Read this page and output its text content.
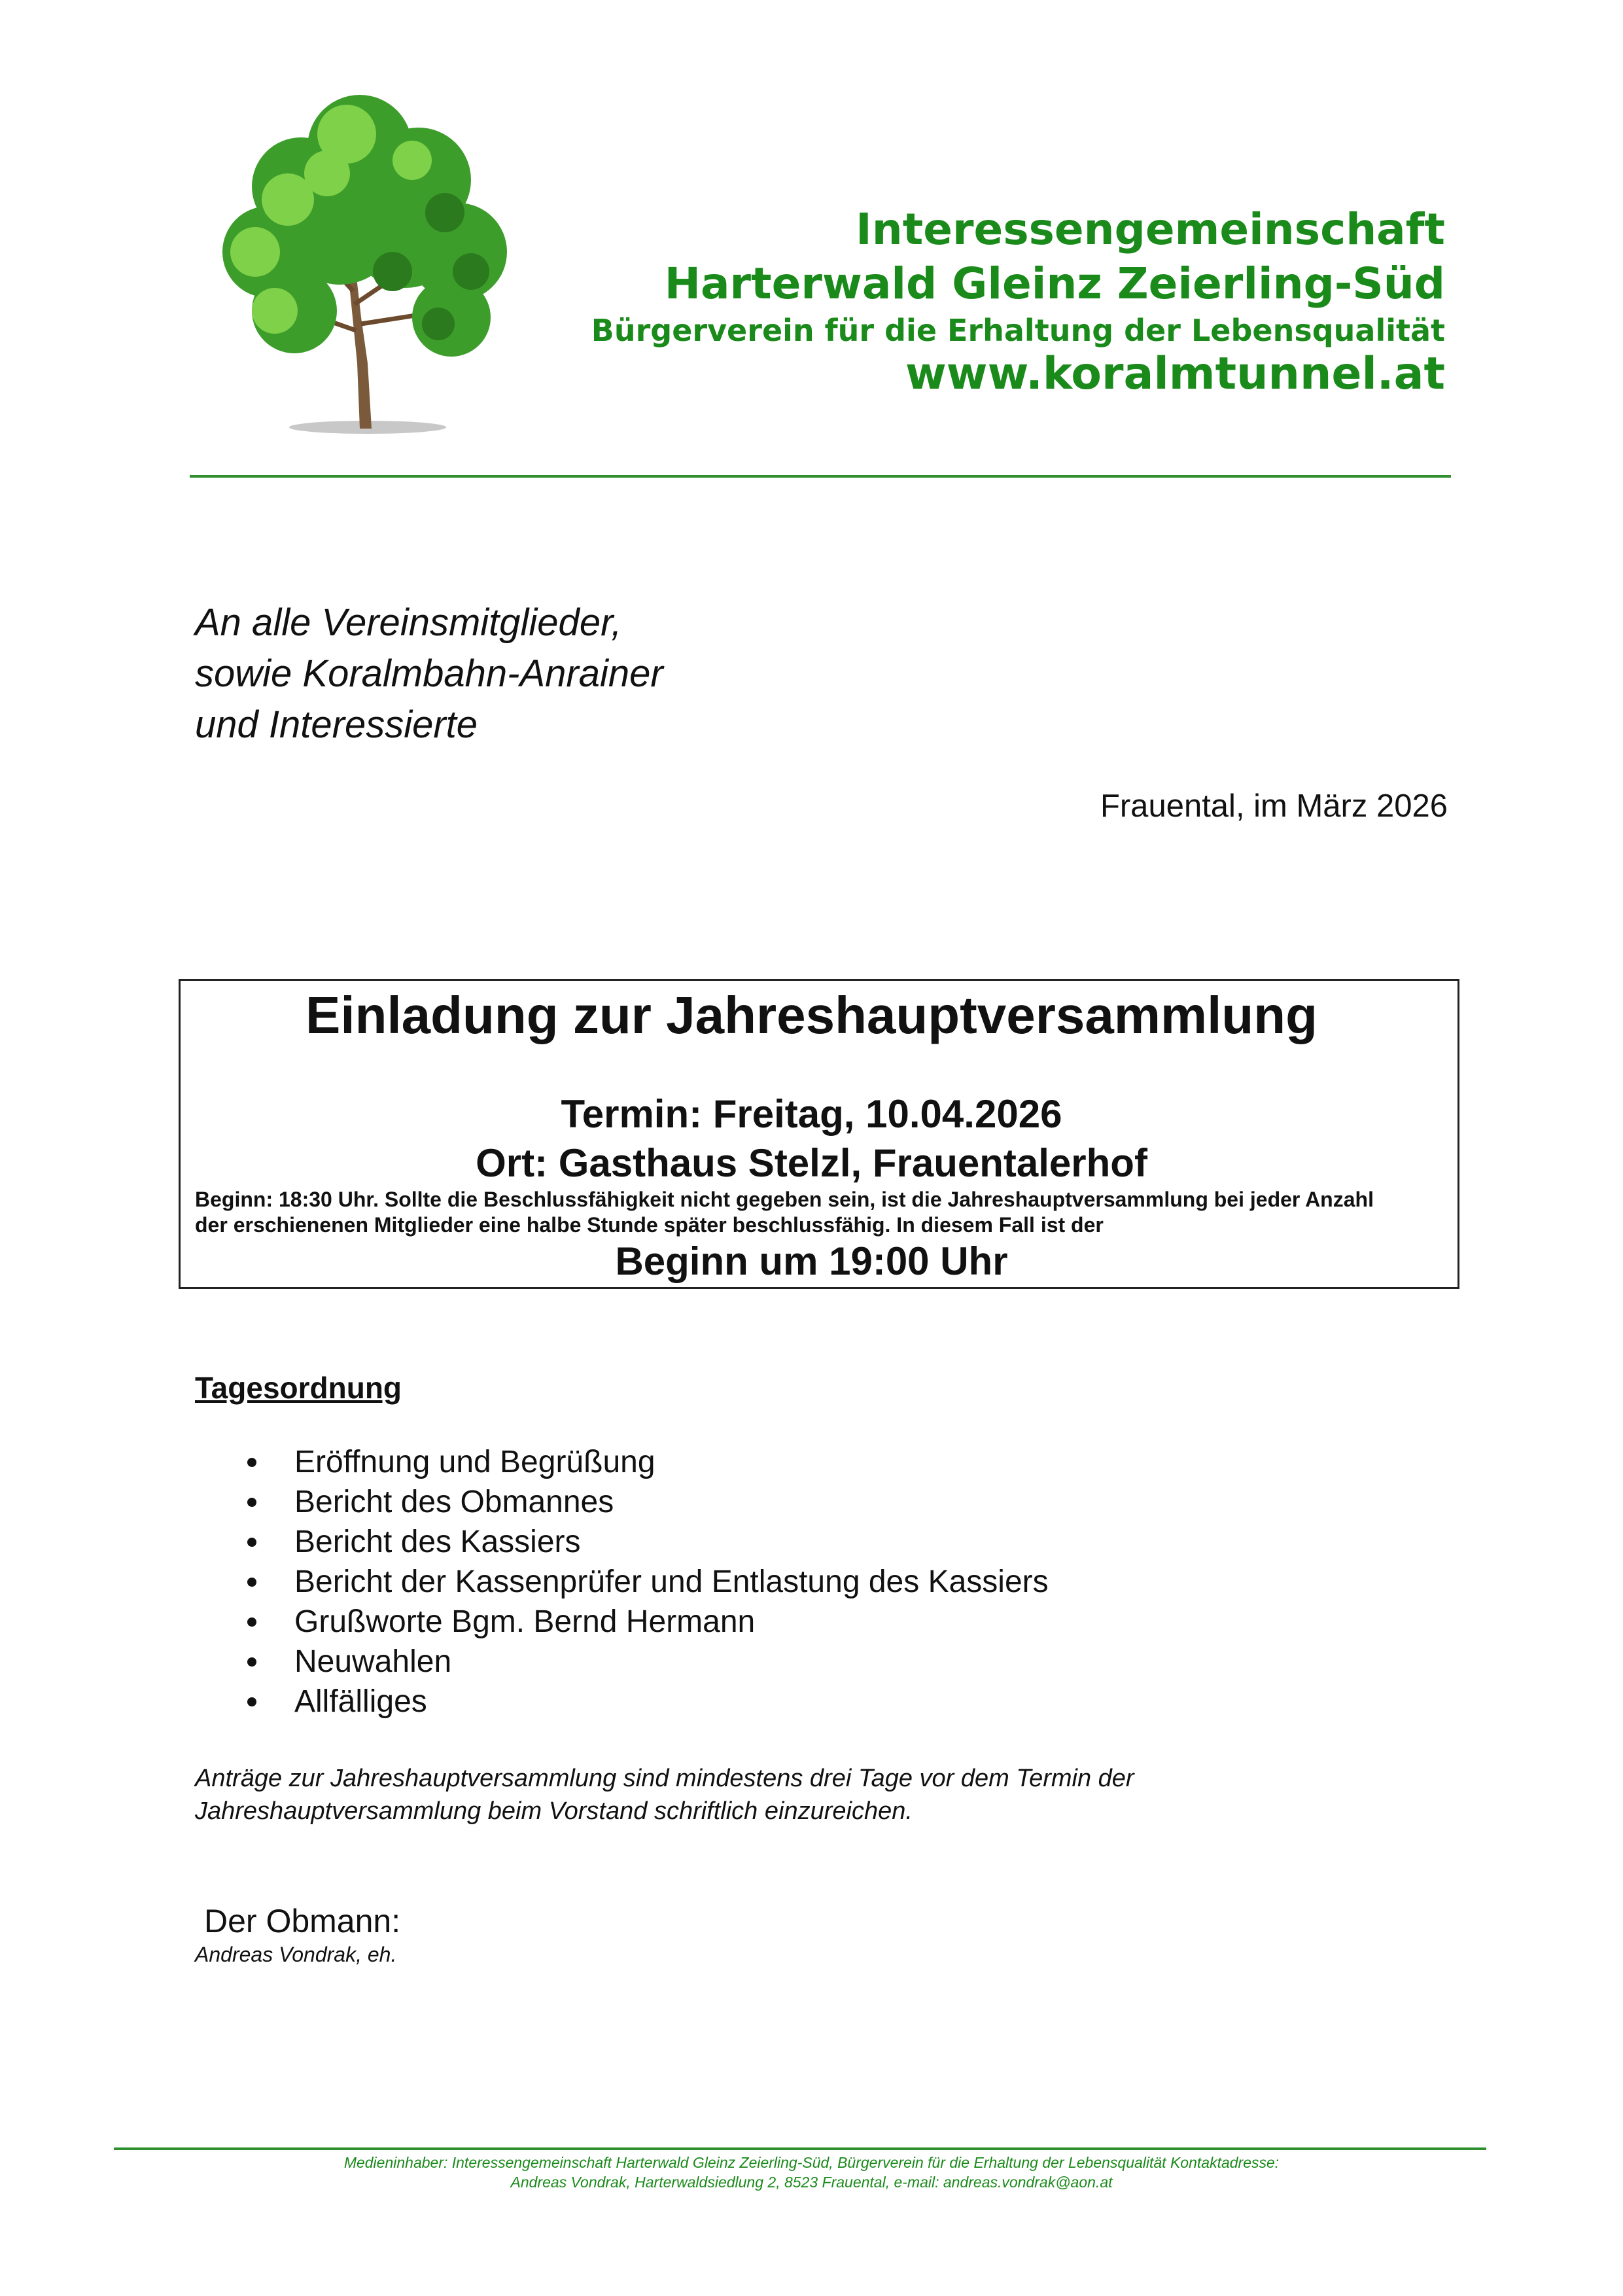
Interessengemeinschaft
Harterwald Gleinz Zeierling-Süd
Bürgerverein für die Erhaltung der Lebensqualität
www.koralmtunnel.at
An alle Vereinsmitglieder,
sowie Koralmbahn-Anrainer
und Interessierte
Frauental, im März 2026
Einladung zur Jahreshauptversammlung
Termin: Freitag, 10.04.2026
Ort: Gasthaus Stelzl, Frauentalerhof
Beginn: 18:30 Uhr. Sollte die Beschlussfähigkeit nicht gegeben sein, ist die Jahreshauptversammlung bei jeder Anzahl
der erschienenen Mitglieder eine halbe Stunde später beschlussfähig. In diesem Fall ist der
Beginn um 19:00 Uhr
Tagesordnung
Eröffnung und Begrüßung
Bericht des Obmannes
Bericht des Kassiers
Bericht der Kassenprüfer und Entlastung des Kassiers
Grußworte Bgm. Bernd Hermann
Neuwahlen
Allfälliges
Anträge zur Jahreshauptversammlung sind mindestens drei Tage vor dem Termin der
Jahreshauptversammlung beim Vorstand schriftlich einzureichen.
Der Obmann:
Andreas Vondrak, eh.
Medieninhaber: Interessengemeinschaft Harterwald Gleinz Zeierling-Süd, Bürgerverein für die Erhaltung der Lebensqualität Kontaktadresse:
Andreas Vondrak, Harterwaldsiedlung 2, 8523 Frauental, e-mail: andreas.vondrak@aon.at
